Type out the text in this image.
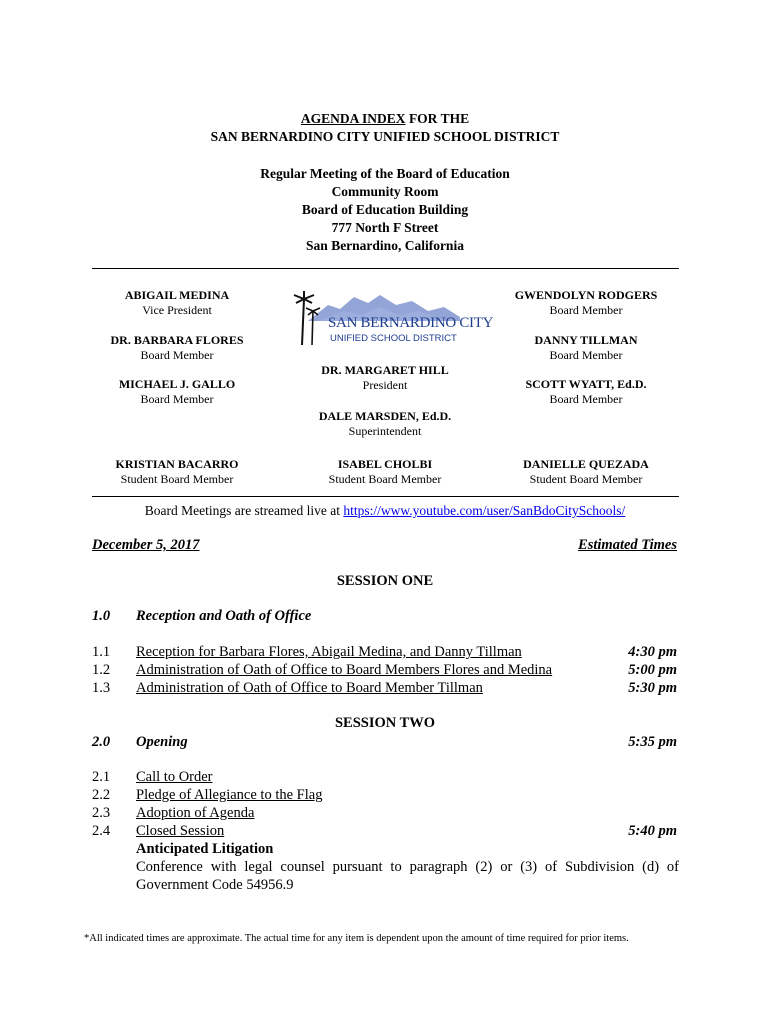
AGENDA INDEX FOR THE
SAN BERNARDINO CITY UNIFIED SCHOOL DISTRICT
Regular Meeting of the Board of Education
Community Room
Board of Education Building
777 North F Street
San Bernardino, California
ABIGAIL MEDINA
Vice President
DR. BARBARA FLORES
Board Member
MICHAEL J. GALLO
Board Member
KRISTIAN BACARRO
Student Board Member
SAN BERNARDINO CITY
UNIFIED SCHOOL DISTRICT
DR. MARGARET HILL
President
DALE MARSDEN, Ed.D.
Superintendent
ISABEL CHOLBI
Student Board Member
GWENDOLYN RODGERS
Board Member
DANNY TILLMAN
Board Member
SCOTT WYATT, Ed.D.
Board Member
DANIELLE QUEZADA
Student Board Member
Board Meetings are streamed live at https://www.youtube.com/user/SanBdoCitySchools/
December 5, 2017	Estimated Times
SESSION ONE
1.0 Reception and Oath of Office
1.1 Reception for Barbara Flores, Abigail Medina, and Danny Tillman	4:30 pm
1.2 Administration of Oath of Office to Board Members Flores and Medina	5:00 pm
1.3 Administration of Oath of Office to Board Member Tillman	5:30 pm
SESSION TWO
2.0 Opening	5:35 pm
2.1 Call to Order
2.2 Pledge of Allegiance to the Flag
2.3 Adoption of Agenda
2.4 Closed Session	5:40 pm
Anticipated Litigation
Conference with legal counsel pursuant to paragraph (2) or (3) of Subdivision (d) of Government Code 54956.9
*All indicated times are approximate. The actual time for any item is dependent upon the amount of time required for prior items.
